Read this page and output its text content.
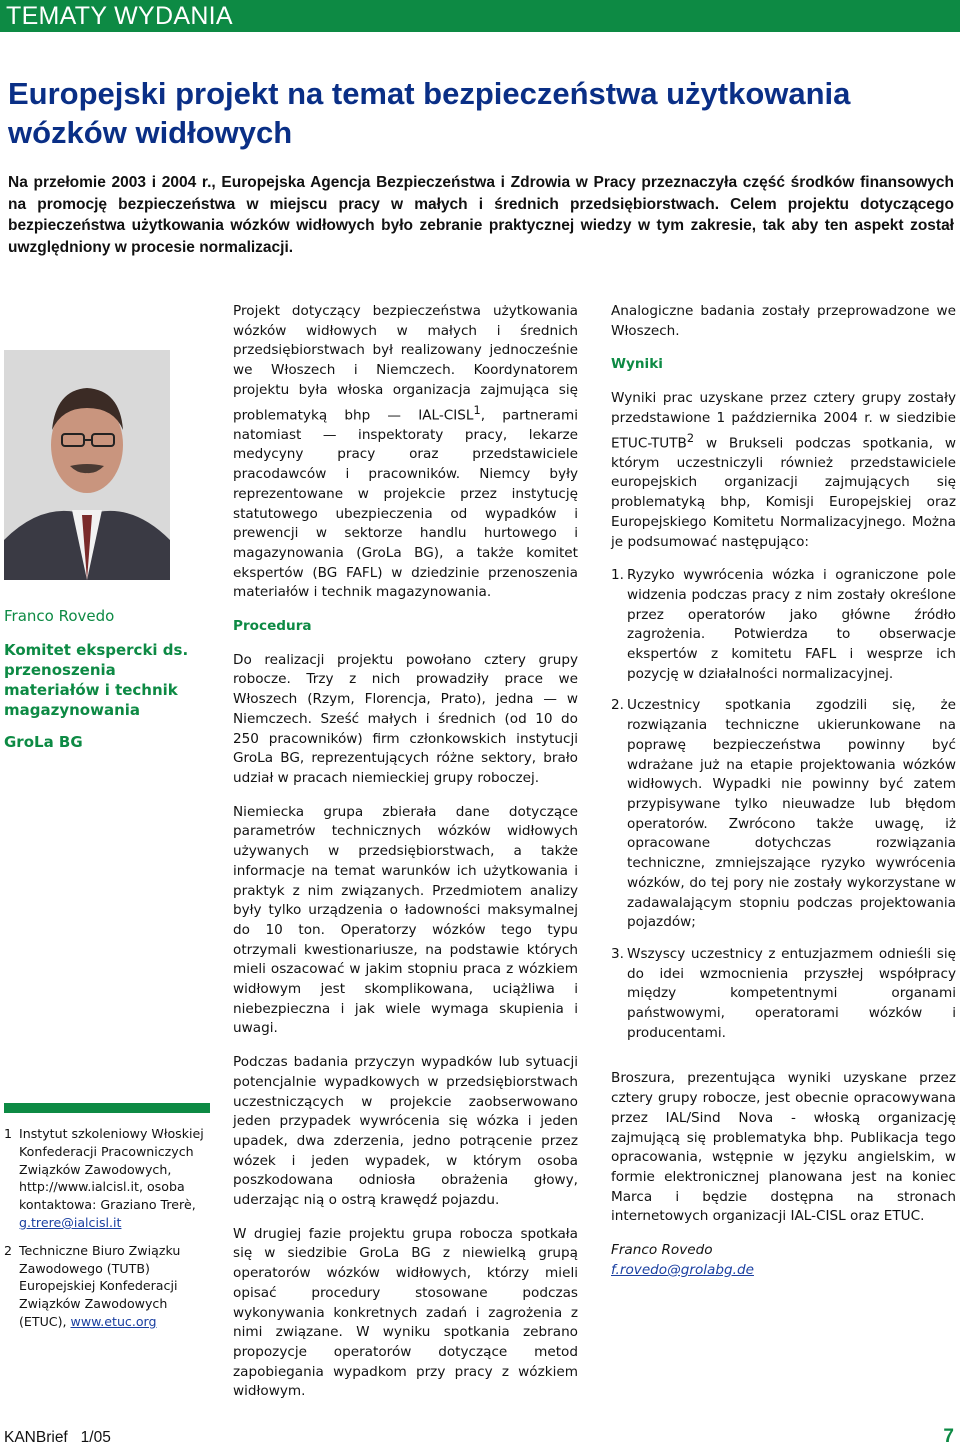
TEMATY WYDANIA
Europejski projekt na temat bezpieczeństwa użytkowania wózków widłowych

Na przełomie 2003 i 2004 r., Europejska Agencja Bezpieczeństwa i Zdrowia w Pracy przeznaczyła część środków finansowych na promocję bezpieczeństwa w miejscu pracy w małych i średnich przedsiębiorstwach. Celem projektu dotyczącego bezpieczeństwa użytkowania wózków widłowych było zebranie praktycznej wiedzy w tym zakresie, tak aby ten aspekt został uwzględniony w procesie normalizacji.

Franco Rovedo
Komitet ekspercki ds. przenoszenia materiałów i technik magazynowania
GroLa BG
1 Instytut szkoleniowy Włoskiej Konfederacji Pracowniczych Związków Zawodowych, http://www.ialcisl.it, osoba kontaktowa: Graziano Trerè, g.trere@ialcisl.it
2 Techniczne Biuro Związku Zawodowego (TUTB) Europejskiej Konfederacji Związków Zawodowych (ETUC), www.etuc.org

Projekt dotyczący bezpieczeństwa użytkowania wózków widłowych w małych i średnich przedsiębiorstwach był realizowany jednocześnie we Włoszech i Niemczech. Koordynatorem projektu była włoska organizacja zajmująca się problematyką bhp — IAL-CISL$^1$, partnerami natomiast — inspektoraty pracy, lekarze medycyny pracy oraz przedstawiciele pracodawców i pracowników. Niemcy były reprezentowane w projekcie przez instytucję statutowego ubezpieczenia od wypadków i prewencji w sektorze handlu hurtowego i magazynowania (GroLa BG), a także komitet ekspertów (BG FAFL) w dziedzinie przenoszenia materiałów i technik magazynowania.

Procedura

Do realizacji projektu powołano cztery grupy robocze. Trzy z nich prowadziły prace we Włoszech (Rzym, Florencja, Prato), jedna — w Niemczech. Sześć małych i średnich (od 10 do 250 pracowników) firm członkowskich instytucji GroLa BG, reprezentujących różne sektory, brało udział w pracach niemieckiej grupy roboczej.

Niemiecka grupa zbierała dane dotyczące parametrów technicznych wózków widłowych używanych w przedsiębiorstwach, a także informacje na temat warunków ich użytkowania i praktyk z nim związanych. Przedmiotem analizy były tylko urządzenia o ładowności maksymalnej do 10 ton. Operatorzy wózków tego typu otrzymali kwestionariusze, na podstawie których mieli oszacować w jakim stopniu praca z wózkiem widłowym jest skomplikowana, uciążliwa i niebezpieczna i jak wiele wymaga skupienia i uwagi.

Podczas badania przyczyn wypadków lub sytuacji potencjalnie wypadkowych w przedsiębiorstwach uczestniczących w projekcie zaobserwowano jeden przypadek wywrócenia się wózka i jeden upadek, dwa zderzenia, jedno potrącenie przez wózek i jeden wypadek, w którym osoba poszkodowana odniosła obrażenia głowy, uderzając nią o ostrą krawędź pojazdu.

W drugiej fazie projektu grupa robocza spotkała się w siedzibie GroLa BG z niewielką grupą operatorów wózków widłowych, którzy mieli opisać procedury stosowane podczas wykonywania konkretnych zadań i zagrożenia z nimi związane. W wyniku spotkania zebrano propozycje operatorów dotyczące metod zapobiegania wypadkom przy pracy z wózkiem widłowym.

Analogiczne badania zostały przeprowadzone we Włoszech.

Wyniki

Wyniki prac uzyskane przez cztery grupy zostały przedstawione 1 października 2004 r. w siedzibie ETUC-TUTB$^2$ w Brukseli podczas spotkania, w którym uczestniczyli również przedstawiciele europejskich organizacji zajmujących się problematyką bhp, Komisji Europejskiej oraz Europejskiego Komitetu Normalizacyjnego. Można je podsumować następująco:

1. Ryzyko wywrócenia wózka i ograniczone pole widzenia podczas pracy z nim zostały określone przez operatorów jako główne źródło zagrożenia. Potwierdza to obserwacje ekspertów z komitetu FAFL i wesprze ich pozycję w działalności normalizacyjnej.
2. Uczestnicy spotkania zgodzili się, że rozwiązania techniczne ukierunkowane na poprawę bezpieczeństwa powinny być wdrażane już na etapie projektowania wózków widłowych. Wypadki nie powinny być zatem przypisywane tylko nieuwadze lub błędom operatorów. Zwrócono także uwagę, iż opracowane dotychczas rozwiązania techniczne, zmniejszające ryzyko wywrócenia wózków, do tej pory nie zostały wykorzystane w zadawalającym stopniu podczas projektowania pojazdów;
3. Wszyscy uczestnicy z entuzjazmem odnieśli się do idei wzmocnienia przyszłej współpracy między kompetentnymi organami państwowymi, operatorami wózków i producentami.

Broszura, prezentująca wyniki uzyskane przez cztery grupy robocze, jest obecnie opracowywana przez IAL/Sind Nova - włoską organizację zajmującą się problematyka bhp. Publikacja tego opracowania, wstępnie w języku angielskim, w formie elektronicznej planowana jest na koniec Marca i będzie dostępna na stronach internetowych organizacji IAL-CISL oraz ETUC.

Franco Rovedo

f.rovedo@grolabg.de

KANBrief   1/05	7
